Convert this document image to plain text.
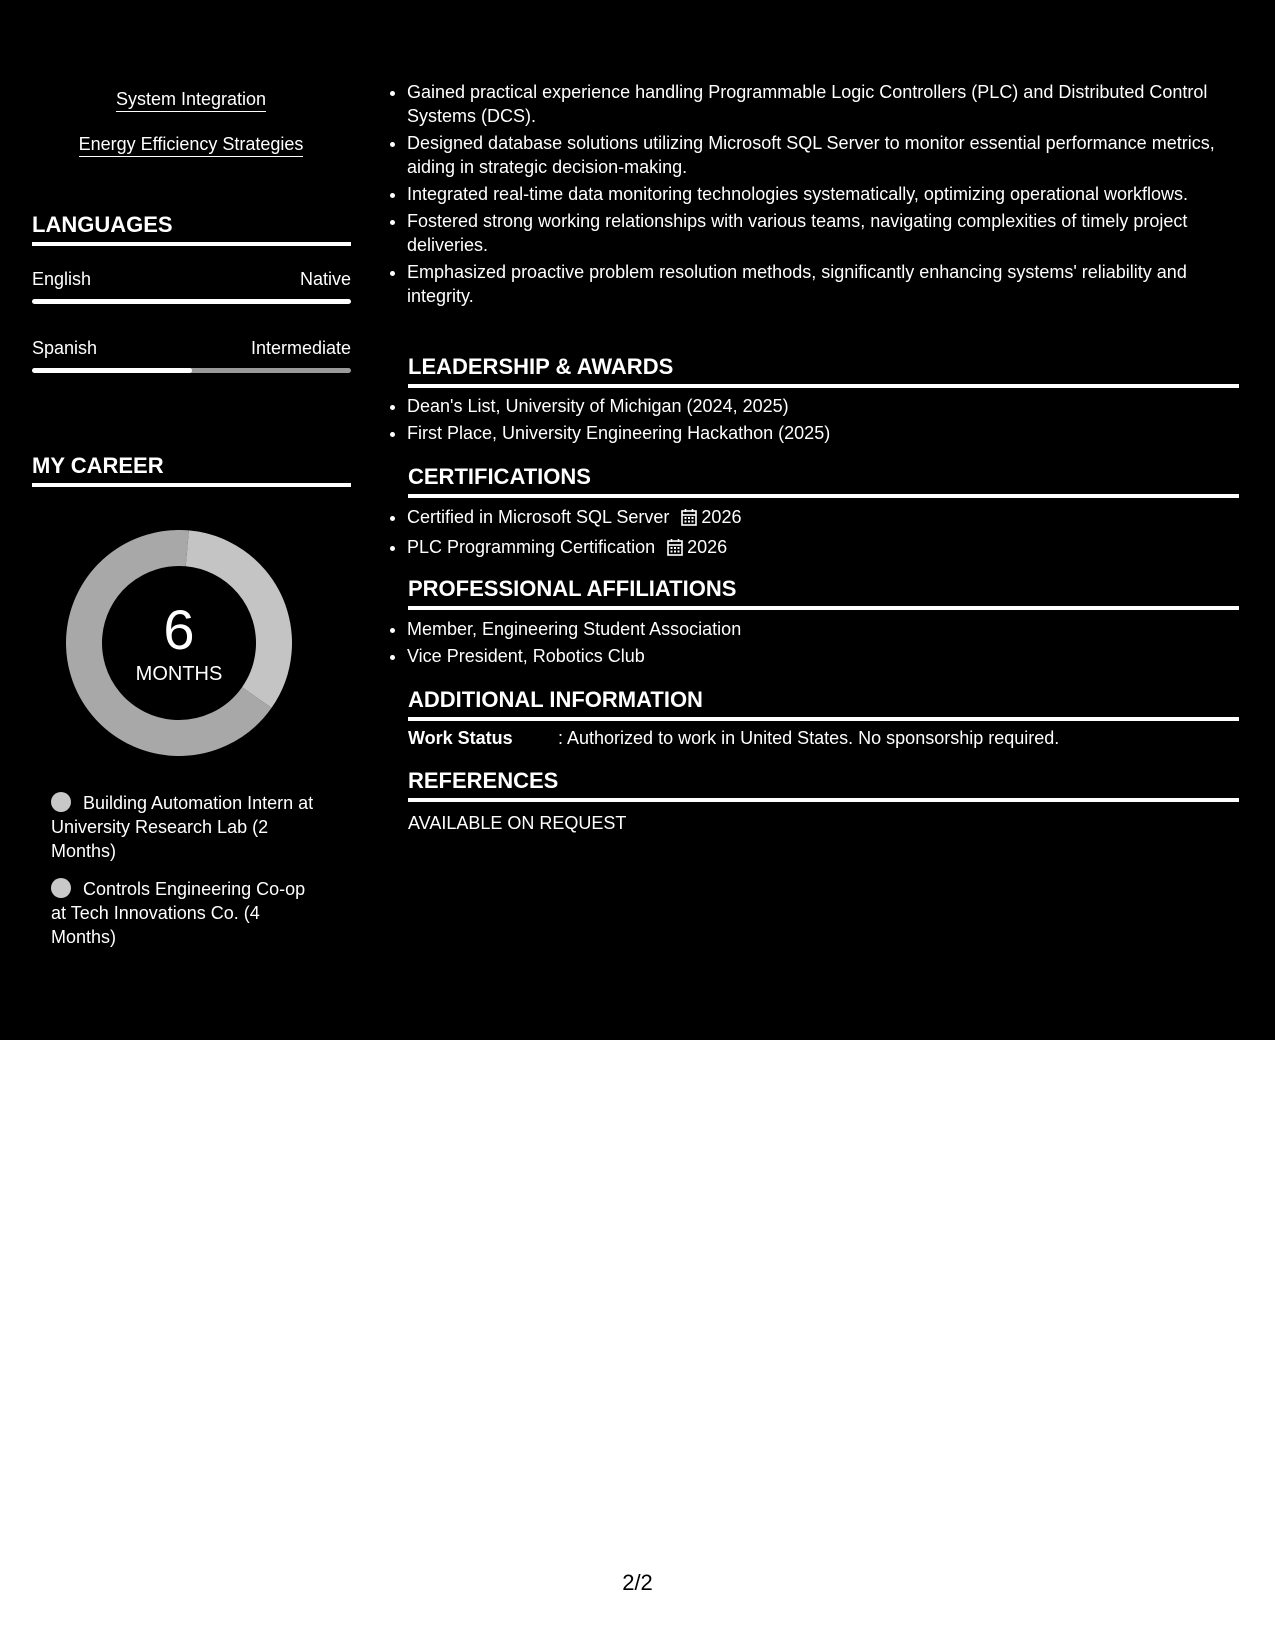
System Integration
Energy Efficiency Strategies
LANGUAGES
English	Native
Spanish	Intermediate
MY CAREER
6
MONTHS
Building Automation Intern at University Research Lab (2 Months)
Controls Engineering Co-op at Tech Innovations Co. (4 Months)
• Gained practical experience handling Programmable Logic Controllers (PLC) and Distributed Control Systems (DCS).
• Designed database solutions utilizing Microsoft SQL Server to monitor essential performance metrics, aiding in strategic decision-making.
• Integrated real-time data monitoring technologies systematically, optimizing operational workflows.
• Fostered strong working relationships with various teams, navigating complexities of timely project deliveries.
• Emphasized proactive problem resolution methods, significantly enhancing systems' reliability and integrity.
LEADERSHIP & AWARDS
• Dean's List, University of Michigan (2024, 2025)
• First Place, University Engineering Hackathon (2025)
CERTIFICATIONS
• Certified in Microsoft SQL Server 2026
• PLC Programming Certification 2026
PROFESSIONAL AFFILIATIONS
• Member, Engineering Student Association
• Vice President, Robotics Club
ADDITIONAL INFORMATION
Work Status	: Authorized to work in United States. No sponsorship required.
REFERENCES
AVAILABLE ON REQUEST
2/2
